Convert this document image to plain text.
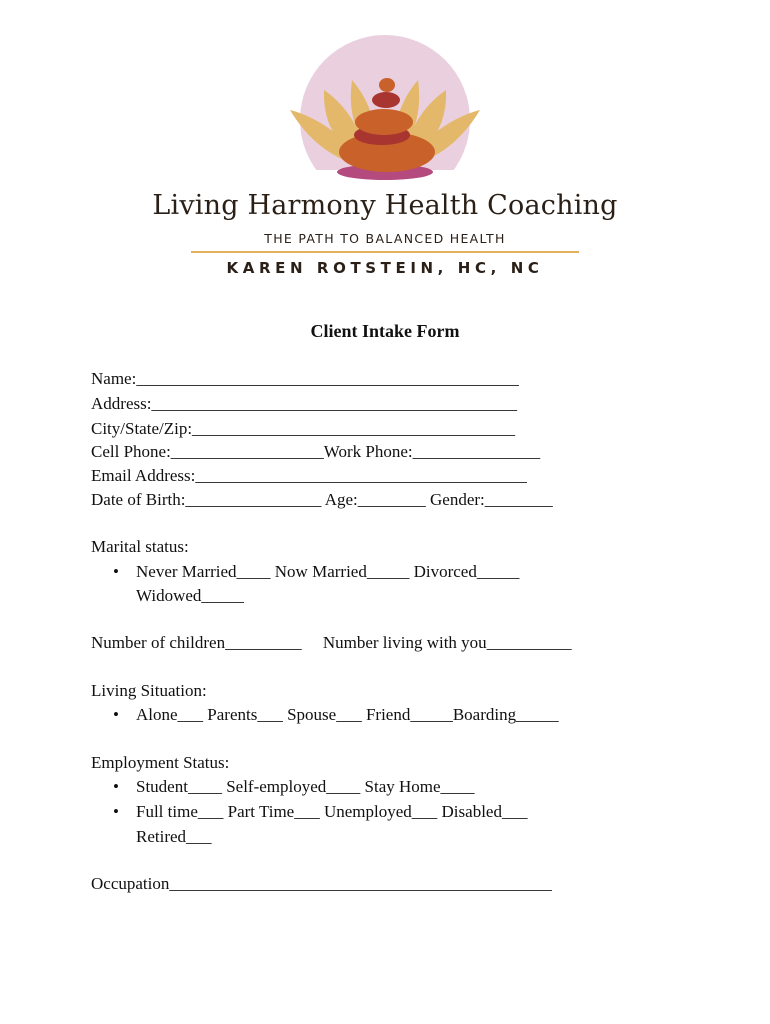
Living Harmony Health Coaching
THE PATH TO BALANCED HEALTH
KAREN ROTSTEIN, HC, NC
Client Intake Form
Name:_____________________________________________
Address:___________________________________________
City/State/Zip:______________________________________
Cell Phone:__________________Work Phone:_______________
Email Address:_______________________________________
Date of Birth:________________ Age:________ Gender:________
Marital status:
• Never Married____ Now Married_____ Divorced_____
Widowed_____
Number of children_________     Number living with you__________
Living Situation:
• Alone___ Parents___ Spouse___ Friend_____Boarding_____
Employment Status:
• Student____ Self-employed____ Stay Home____
• Full time___ Part Time___ Unemployed___ Disabled___
Retired___
Occupation_____________________________________________
